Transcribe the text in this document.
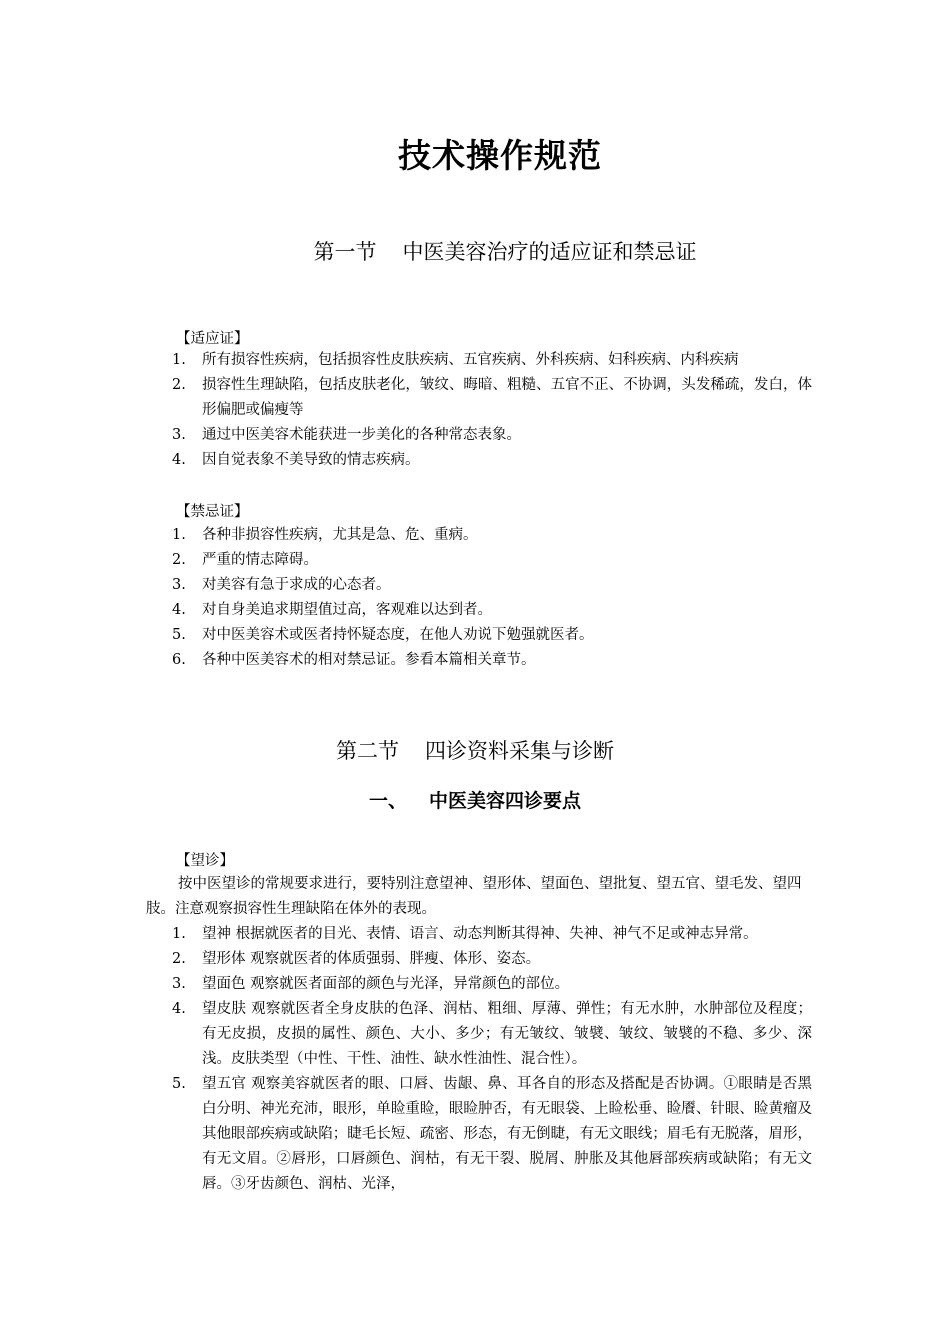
技术操作规范
第一节 中医美容治疗的适应证和禁忌证
【适应证】
1. 所有损容性疾病，包括损容性皮肤疾病、五官疾病、外科疾病、妇科疾病、内科疾病
2. 损容性生理缺陷，包括皮肤老化，皱纹、晦暗、粗糙、五官不正、不协调，头发稀疏，发白，体形偏肥或偏瘦等
3. 通过中医美容术能获进一步美化的各种常态表象。
4. 因自觉表象不美导致的情志疾病。
【禁忌证】
1. 各种非损容性疾病，尤其是急、危、重病。
2. 严重的情志障碍。
3. 对美容有急于求成的心态者。
4. 对自身美追求期望值过高，客观难以达到者。
5. 对中医美容术或医者持怀疑态度，在他人劝说下勉强就医者。
6. 各种中医美容术的相对禁忌证。参看本篇相关章节。
第二节 四诊资料采集与诊断
一、 中医美容四诊要点
【望诊】

按中医望诊的常规要求进行，要特别注意望神、望形体、望面色、望批复、望五官、望毛发、望四肢。注意观察损容性生理缺陷在体外的表现。

1. 望神 根据就医者的目光、表情、语言、动态判断其得神、失神、神气不足或神志异常。
2. 望形体 观察就医者的体质强弱、胖瘦、体形、姿态。
3. 望面色 观察就医者面部的颜色与光泽，异常颜色的部位。
4. 望皮肤 观察就医者全身皮肤的色泽、润枯、粗细、厚薄、弹性；有无水肿，水肿部位及程度；有无皮损，皮损的属性、颜色、大小、多少；有无皱纹、皱襞、皱纹、皱襞的不稳、多少、深浅。皮肤类型（中性、干性、油性、缺水性油性、混合性）。
5. 望五官 观察美容就医者的眼、口唇、齿龈、鼻、耳各自的形态及搭配是否协调。①眼睛是否黑白分明、神光充沛，眼形，单睑重睑，眼睑肿否，有无眼袋、上睑松垂、睑餍、针眼、睑黄瘤及其他眼部疾病或缺陷；睫毛长短、疏密、形态，有无倒睫，有无文眼线；眉毛有无脱落，眉形，有无文眉。②唇形，口唇颜色、润枯，有无干裂、脱屑、肿胀及其他唇部疾病或缺陷；有无文唇。③牙齿颜色、润枯、光泽，
